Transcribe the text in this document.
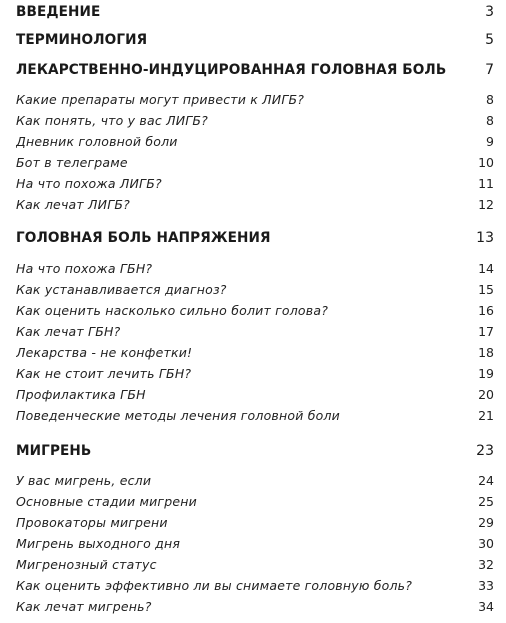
ВВЕДЕНИЕ	3
ТЕРМИНОЛОГИЯ	5
ЛЕКАРСТВЕННО-ИНДУЦИРОВАННАЯ ГОЛОВНАЯ БОЛЬ	7
Какие препараты могут привести к ЛИГБ?	8
Как понять, что у вас ЛИГБ?	8
Дневник головной боли	9
Бот в телеграме	10
На что похожа ЛИГБ?	11
Как лечат ЛИГБ?	12
ГОЛОВНАЯ БОЛЬ НАПРЯЖЕНИЯ	13
На что похожа ГБН?	14
Как устанавливается диагноз?	15
Как оценить насколько сильно болит голова?	16
Как лечат ГБН?	17
Лекарства - не конфетки!	18
Как не стоит лечить ГБН?	19
Профилактика ГБН	20
Поведенческие методы лечения головной боли	21
МИГРЕНЬ	23
У вас мигрень, если	24
Основные стадии мигрени	25
Провокаторы мигрени	29
Мигрень выходного дня	30
Мигренозный статус	32
Как оценить эффективно ли вы снимаете головную боль?	33
Как лечат мигрень?	34
